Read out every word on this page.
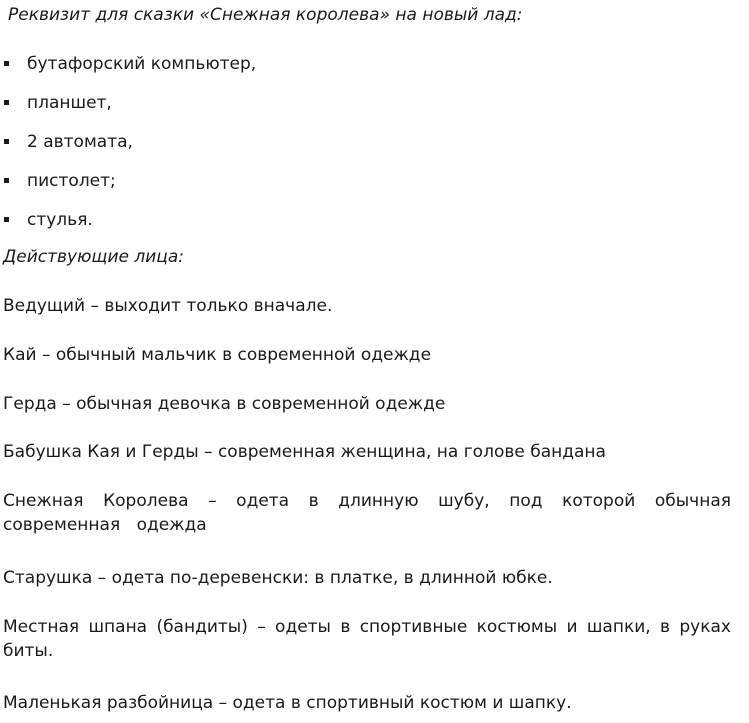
Реквизит для сказки «Снежная королева» на новый лад:
бутафорский компьютер,
планшет,
2 автомата,
пистолет;
стулья.
Действующие лица:

Ведущий – выходит только вначале.

Кай – обычный мальчик в современной одежде

Герда – обычная девочка в современной одежде

Бабушка Кая и Герды – современная женщина, на голове бандана

Снежная Королева – одета в длинную шубу, под которой обычная современная одежда

Старушка – одета по-деревенски: в платке, в длинной юбке.

Местная шпана (бандиты) – одеты в спортивные костюмы и шапки, в руках биты.

Маленькая разбойница – одета в спортивный костюм и шапку.
